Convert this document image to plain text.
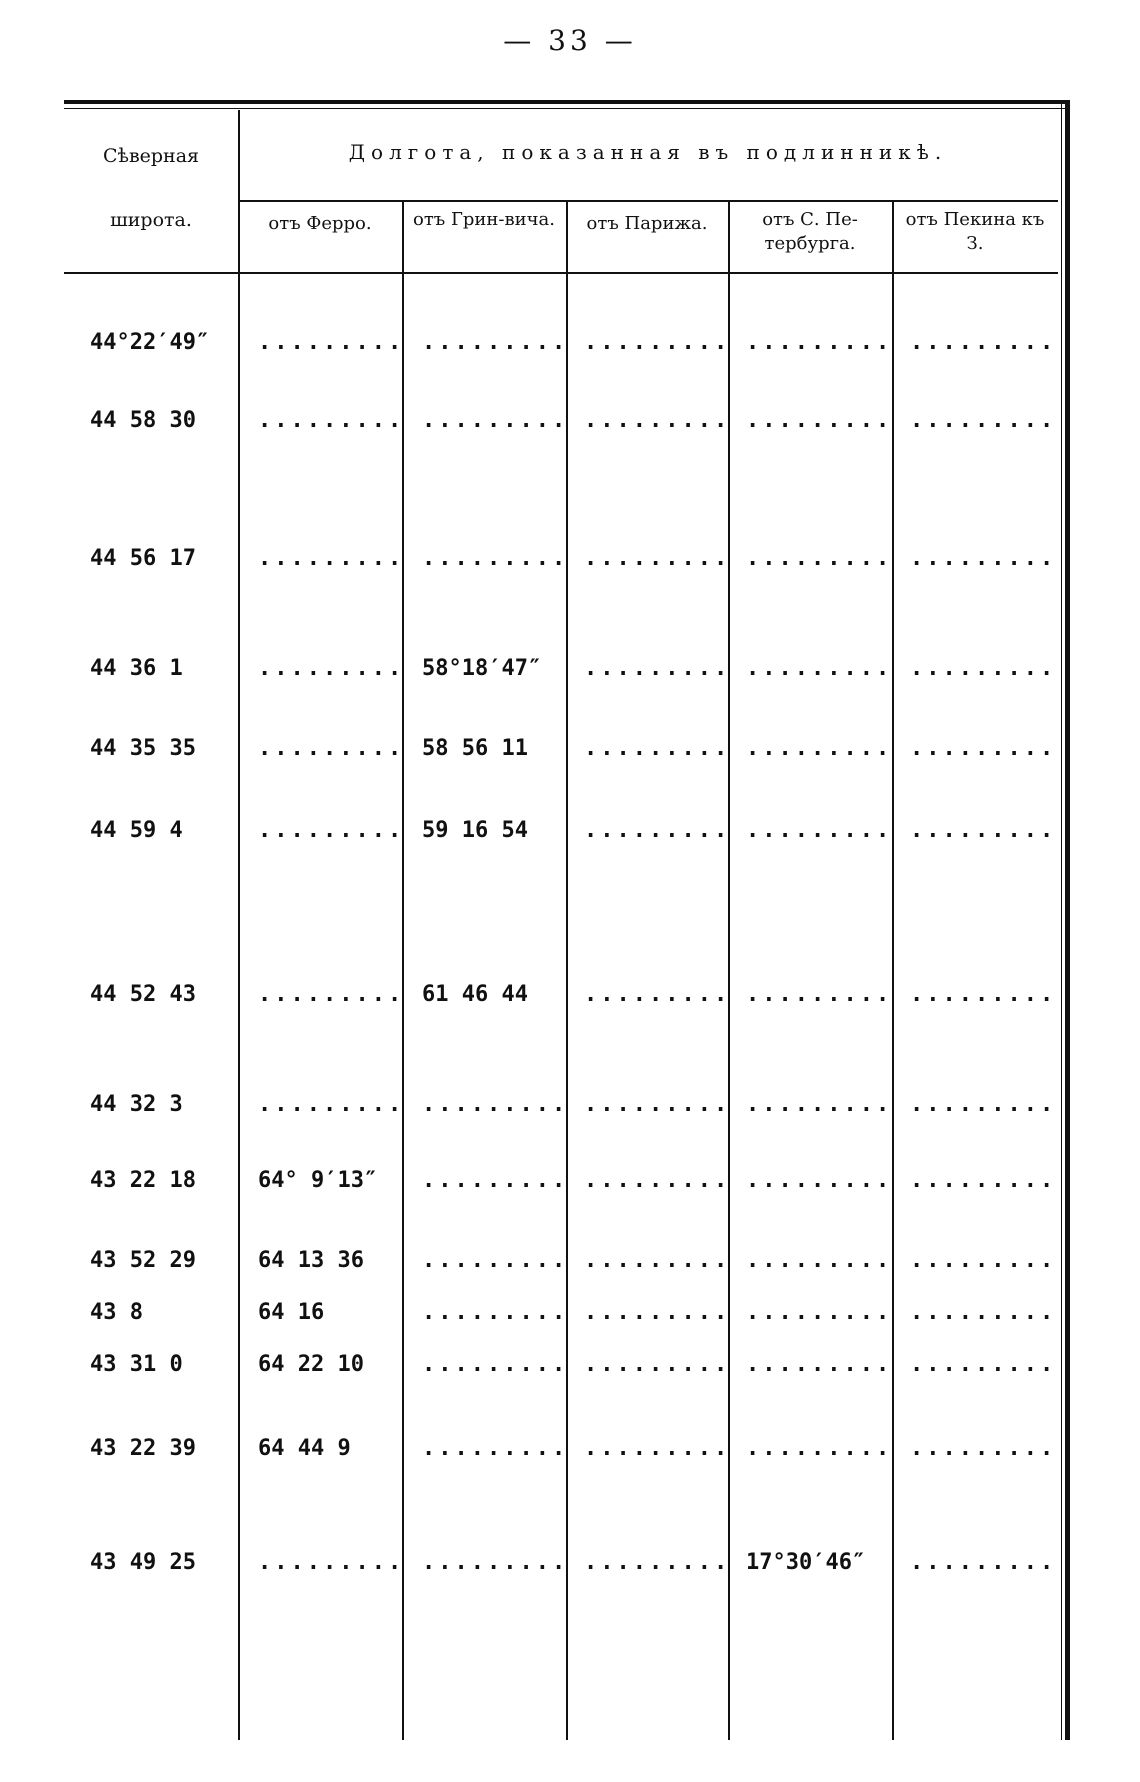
— 33 —
Сѣверная
широта.
Долгота, показанная въ подлинникѣ.
отъ Ферро.	отъ Грин-вича.	отъ Парижа.	отъ С. Пе-тербурга.
отъ Пекина къ З.
44°22′49″ ......... ......... ......... ......... .........
44 58 30	......... ......... ......... ......... .........
44 56 17	......... ......... ......... ......... .........
44 36 1	......... 58°18′47″ ......... ......... .........
44 35 35	......... 58 56 11	......... ......... .........
44 59 4	......... 59 16 54	......... ......... .........
44 52 43	......... 61 46 44	......... ......... .........
44 32 3	......... ......... ......... ......... .........
43 22 18	64° 9′13″ ......... ......... ......... .........
43 52 29	64 13 36	......... ......... ......... .........
43 8	64 16	......... ......... ......... .........
43 31 0	64 22 10	......... ......... ......... .........
43 22 39	64 44 9	......... ......... ......... .........
43 49 25	......... ......... ......... 17°30′46″ .........
